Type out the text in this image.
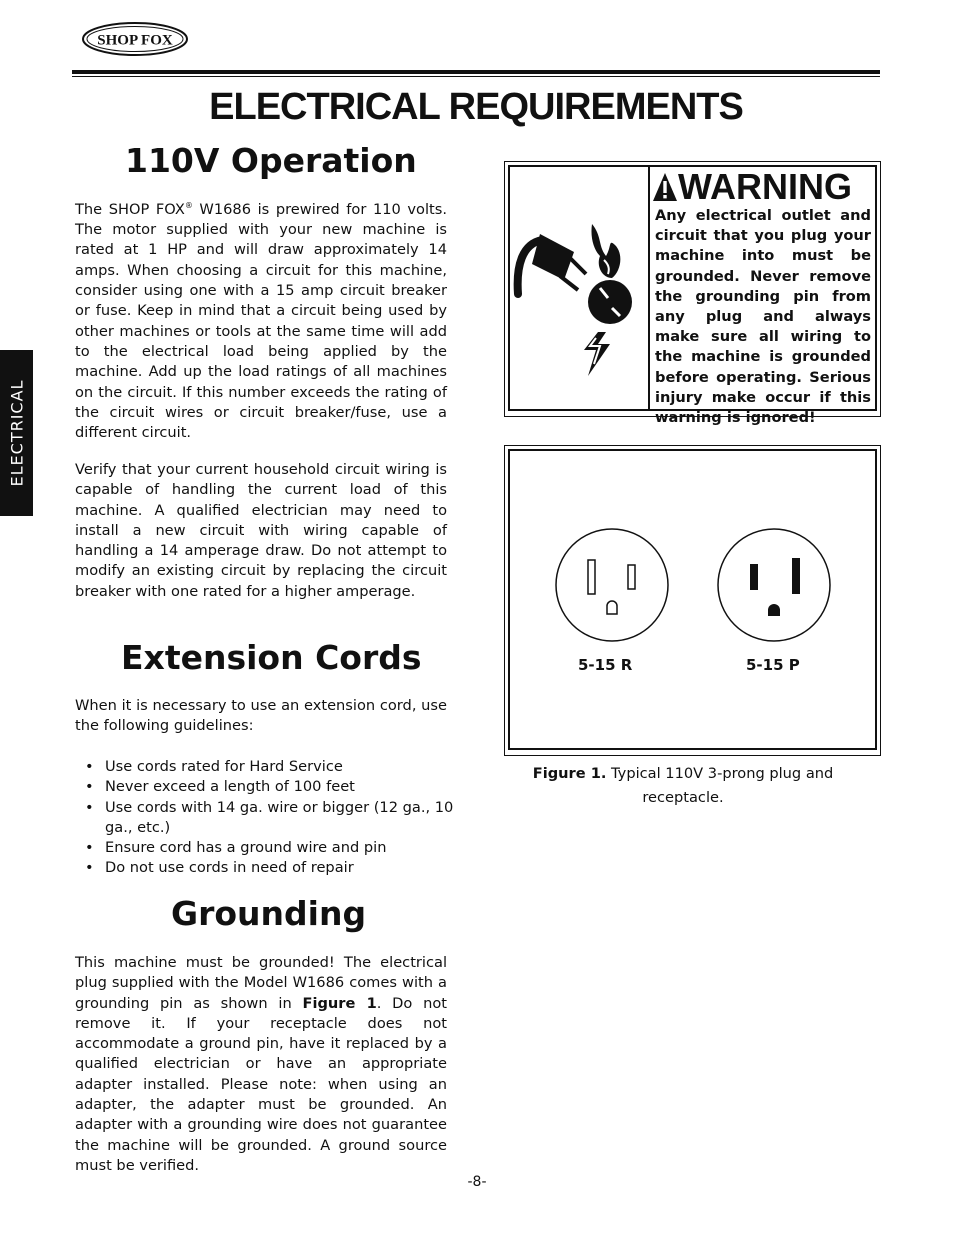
SHOP FOX
ELECTRICAL REQUIREMENTS
ELECTRICAL
110V Operation
The SHOP FOX® W1686 is prewired for 110 volts. The motor supplied with your new machine is rated at 1 HP and will draw approximately 14 amps. When choosing a circuit for this machine, consider using one with a 15 amp circuit breaker or fuse. Keep in mind that a circuit being used by other machines or tools at the same time will add to the electrical load being applied by the machine. Add up the load ratings of all machines on the circuit. If this number exceeds the rating of the circuit wires or circuit breaker/fuse, use a different circuit.
Verify that your current household circuit wiring is capable of handling the current load of this machine. A qualified electrician may need to install a new circuit with wiring capable of handling a 14 amperage draw. Do not attempt to modify an existing circuit by replacing the circuit breaker with one rated for a higher amperage.
Extension Cords
When it is necessary to use an extension cord, use the following guidelines:
• Use cords rated for Hard Service
• Never exceed a length of 100 feet
• Use cords with 14 ga. wire or bigger (12 ga., 10 ga., etc.)
• Ensure cord has a ground wire and pin
• Do not use cords in need of repair
Grounding
This machine must be grounded! The electrical plug supplied with the Model W1686 comes with a grounding pin as shown in Figure 1. Do not remove it. If your receptacle does not accommodate a ground pin, have it replaced by a qualified electrician or have an appropriate adapter installed. Please note: when using an adapter, the adapter must be grounded. An adapter with a grounding wire does not guarantee the machine will be grounded. A ground source must be verified.
WARNING
Any electrical outlet and circuit that you plug your machine into must be grounded. Never remove the grounding pin from any plug and always make sure all wiring to the machine is grounded before operating. Serious injury make occur if this warning is ignored!
5-15 R	5-15 P
Figure 1. Typical 110V 3-prong plug and receptacle.
-8-
